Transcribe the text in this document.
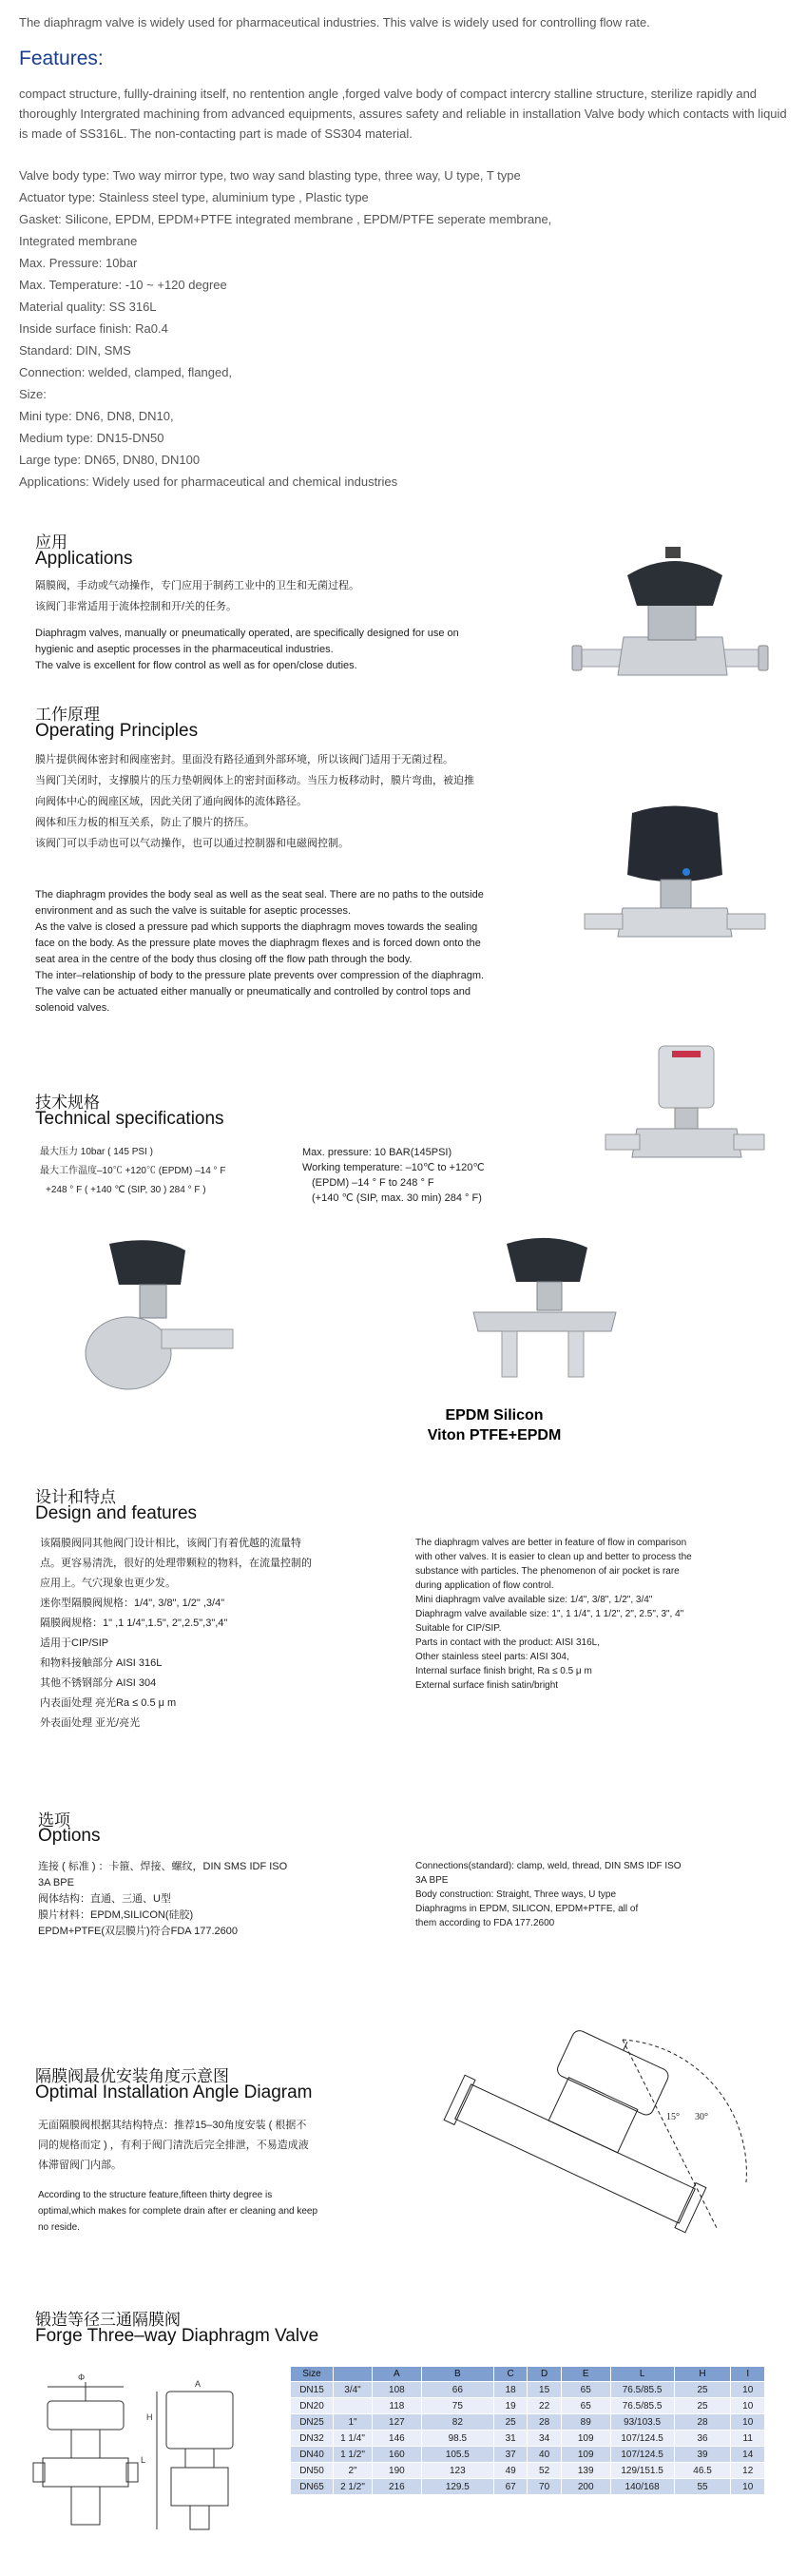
The diaphragm valve is widely used for pharmaceutical industries. This valve is widely used for controlling flow rate.
Features:
compact structure, fullly-draining itself, no rentention angle ,forged valve body of compact intercry stalline structure, sterilize rapidly and thoroughly Intergrated machining from advanced equipments, assures safety and reliable in installation Valve body which contacts with liquid is made of SS316L. The non-contacting part is made of SS304 material.
Valve body type: Two way mirror type, two way sand blasting type, three way, U type, T type
Actuator type: Stainless steel type, aluminium type , Plastic type
Gasket: Silicone, EPDM, EPDM+PTFE integrated membrane , EPDM/PTFE seperate membrane,
Integrated membrane
Max. Pressure: 10bar
Max. Temperature: -10 ~ +120 degree
Material quality: SS 316L
Inside surface finish: Ra0.4
Standard: DIN, SMS
Connection: welded, clamped, flanged,
Size:
Mini type: DN6, DN8, DN10,
Medium type: DN15-DN50
Large type: DN65, DN80, DN100
Applications: Widely used for pharmaceutical and chemical industries
应用
Applications
隔膜阀，手动或气动操作，专门应用于制药工业中的卫生和无菌过程。
该阀门非常适用于流体控制和开/关的任务。
Diaphragm valves, manually or pneumatically operated, are specifically designed for use on
hygienic and aseptic processes in the pharmaceutical industries.
The valve is excellent for flow control as well as for open/close duties.
工作原理
Operating Principles
膜片提供阀体密封和阀座密封。里面没有路径通到外部环境，所以该阀门适用于无菌过程。
当阀门关闭时，支撑膜片的压力垫朝阀体上的密封面移动。当压力板移动时，膜片弯曲，被迫推
向阀体中心的阀座区域，因此关闭了通向阀体的流体路径。
阀体和压力板的相互关系，防止了膜片的挤压。
该阀门可以手动也可以气动操作，也可以通过控制器和电磁阀控制。
The diaphragm provides the body seal as well as the seat seal. There are no paths to the outside
environment and as such the valve is suitable for aseptic processes.
As the valve is closed a pressure pad which supports the diaphragm moves towards the sealing
face on the body. As the pressure plate moves the diaphragm flexes and is forced down onto the
seat area in the centre of the body thus closing off the flow path through the body.
The inter–relationship of body to the pressure plate prevents over compression of the diaphragm.
The valve can be actuated either manually or pneumatically and controlled by control tops and
solenoid valves.
技术规格
Technical specifications
最大压力 10bar ( 145 PSI )
最大工作温度–10℃ +120℃ (EPDM) –14 ° F
+248 ° F ( +140 ℃ (SIP, 30 ) 284 ° F )
Max. pressure: 10 BAR(145PSI)
Working temperature: –10℃ to +120℃
(EPDM) –14 ° F to 248 ° F
(+140 ℃ (SIP, max. 30 min) 284 ° F)
EPDM Silicon
Viton PTFE+EPDM
设计和特点
Design and features
该隔膜阀同其他阀门设计相比，该阀门有着优越的流量特
点。更容易清洗，很好的处理带颗粒的物料，在流量控制的
应用上。气穴现象也更少发。
迷你型隔膜阀规格：1/4", 3/8", 1/2" ,3/4"
隔膜阀规格：1" ,1 1/4",1.5", 2",2.5",3",4"
适用于CIP/SIP
和物料接触部分 AISI 316L
其他不锈钢部分 AISI 304
内表面处理 亮光Ra ≤ 0.5 μ m
外表面处理 亚光/亮光
The diaphragm valves are better in feature of flow in comparison
with other valves. It is easier to clean up and better to process the
substance with particles. The phenomenon of air pocket is rare
during application of flow control.
Mini diaphragm valve available size: 1/4", 3/8", 1/2", 3/4"
Diaphragm valve available size: 1", 1 1/4", 1 1/2", 2", 2.5", 3", 4"
Suitable for CIP/SIP.
Parts in contact with the product: AISI 316L,
Other stainless steel parts: AISI 304,
Internal surface finish bright, Ra ≤ 0.5 μ m
External surface finish satin/bright
选项
Options
连接 ( 标准 ) ：卡箍、焊接、螺纹，DIN SMS IDF ISO
3A BPE
阀体结构：直通、三通、U型
膜片材料：EPDM,SILICON(硅胶)
EPDM+PTFE(双层膜片)符合FDA 177.2600
Connections(standard): clamp, weld, thread, DIN SMS IDF ISO
3A BPE
Body construction: Straight, Three ways, U type
Diaphragms in EPDM, SILICON, EPDM+PTFE, all of
them according to FDA 177.2600
隔膜阀最优安装角度示意图
Optimal Installation Angle Diagram
无面隔膜阀根据其结构特点：推荐15–30角度安装 ( 根据不
同的规格而定 ) ，有利于阀门清洗后完全排泄，不易造成液
体滞留阀门内部。
According to the structure feature,fifteen thirty degree is
optimal,which makes for complete drain after er cleaning and keep
no reside.
15° 30°
锻造等径三通隔膜阀
Forge Three–way Diaphragm Valve
Φ
L
H
A
Size		A	B	C	D	E	L	H	I
DN15	3/4"	108	66	18	15	65	76.5/85.5	25	10
DN20		118	75	19	22	65	76.5/85.5	25	10
DN25	1"	127	82	25	28	89	93/103.5	28	10
DN32	1 1/4"	146	98.5	31	34	109	107/124.5	36	11
DN40	1 1/2"	160	105.5	37	40	109	107/124.5	39	14
DN50	2"	190	123	49	52	139	129/151.5	46.5	12
DN65	2 1/2"	216	129.5	67	70	200	140/168	55	10
